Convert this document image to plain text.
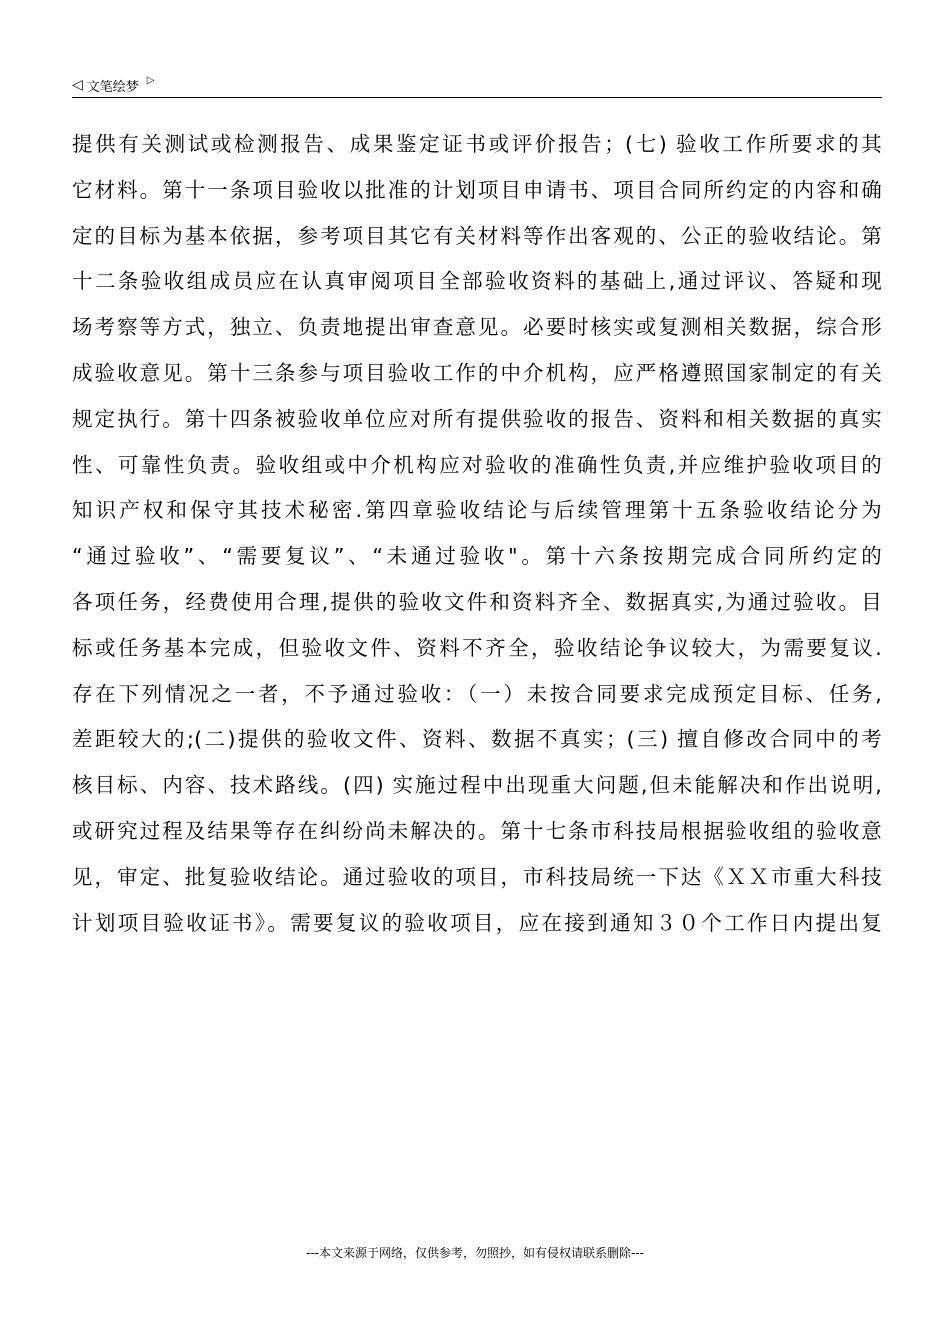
◁ 文笔绘梦 ▷
提供有关测试或检测报告、成果鉴定证书或评价报告；(七) 验收工作所要求的其
它材料。第十一条项目验收以批准的计划项目申请书、项目合同所约定的内容和确
定的目标为基本依据，参考项目其它有关材料等作出客观的、公正的验收结论。第
十二条验收组成员应在认真审阅项目全部验收资料的基础上,通过评议、答疑和现
场考察等方式，独立、负责地提出审查意见。必要时核实或复测相关数据，综合形
成验收意见。第十三条参与项目验收工作的中介机构，应严格遵照国家制定的有关
规定执行。第十四条被验收单位应对所有提供验收的报告、资料和相关数据的真实
性、可靠性负责。验收组或中介机构应对验收的准确性负责,并应维护验收项目的
知识产权和保守其技术秘密.第四章验收结论与后续管理第十五条验收结论分为
“通过验收”、“需要复议”、“未通过验收"。第十六条按期完成合同所约定的
各项任务，经费使用合理,提供的验收文件和资料齐全、数据真实,为通过验收。目
标或任务基本完成，但验收文件、资料不齐全，验收结论争议较大，为需要复议.
存在下列情况之一者，不予通过验收：（一）未按合同要求完成预定目标、任务,
差距较大的;(二)提供的验收文件、资料、数据不真实；(三) 擅自修改合同中的考
核目标、内容、技术路线。(四) 实施过程中出现重大问题,但未能解决和作出说明,
或研究过程及结果等存在纠纷尚未解决的。第十七条市科技局根据验收组的验收意
见，审定、批复验收结论。通过验收的项目，市科技局统一下达《ＸＸ市重大科技
计划项目验收证书》。需要复议的验收项目，应在接到通知３０个工作日内提出复
---本文来源于网络，仅供参考，勿照抄，如有侵权请联系删除---
